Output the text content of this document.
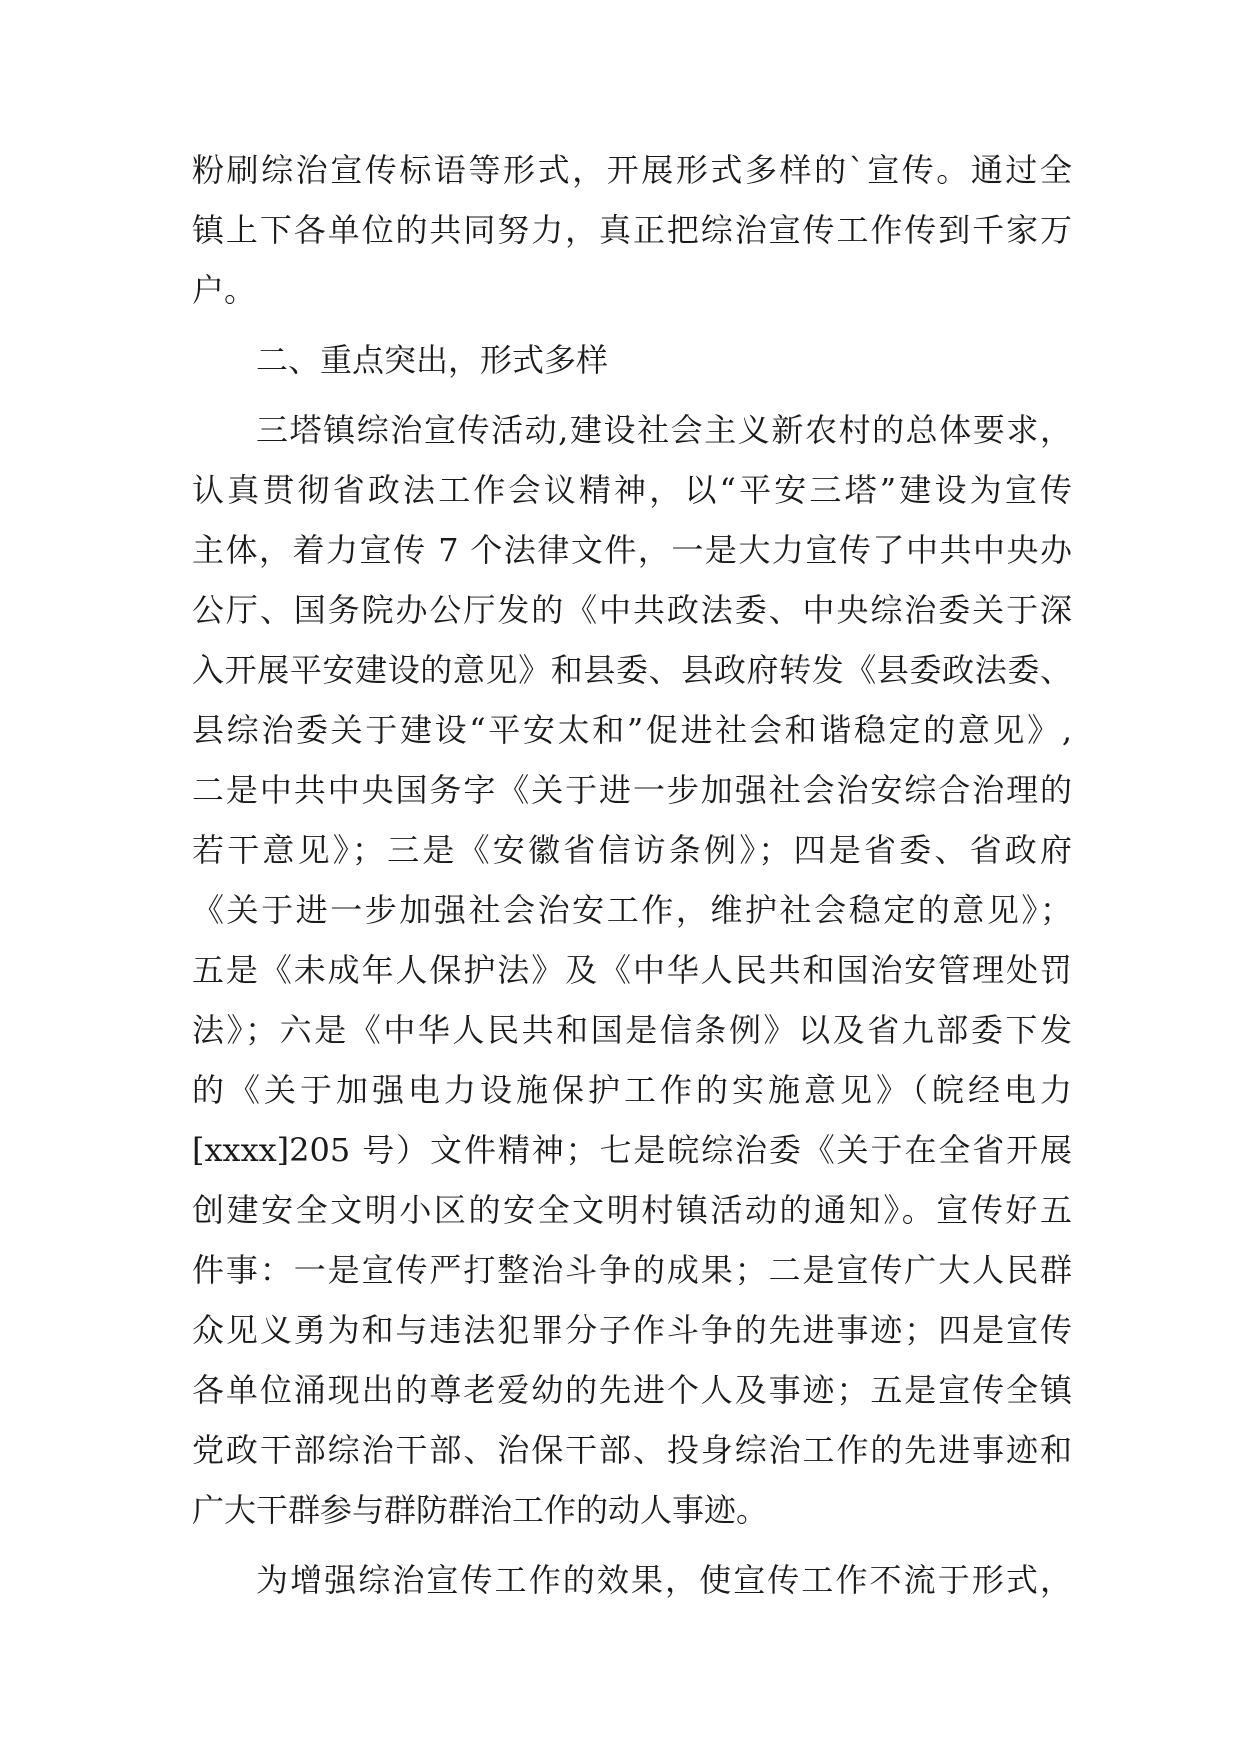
粉刷综治宣传标语等形式，开展形式多样的`宣传。通过全
镇上下各单位的共同努力，真正把综治宣传工作传到千家万
户。
二、重点突出，形式多样
三塔镇综治宣传活动,建设社会主义新农村的总体要求，
认真贯彻省政法工作会议精神，以“平安三塔”建设为宣传
主体，着力宣传 7 个法律文件，一是大力宣传了中共中央办
公厅、国务院办公厅发的《中共政法委、中央综治委关于深
入开展平安建设的意见》和县委、县政府转发《县委政法委、
县综治委关于建设“平安太和”促进社会和谐稳定的意见》,
二是中共中央国务字《关于进一步加强社会治安综合治理的
若干意见》；三是《安徽省信访条例》；四是省委、省政府
《关于进一步加强社会治安工作，维护社会稳定的意见》；
五是《未成年人保护法》及《中华人民共和国治安管理处罚
法》；六是《中华人民共和国是信条例》以及省九部委下发
的《关于加强电力设施保护工作的实施意见》（皖经电力
[xxxx]205 号）文件精神；七是皖综治委《关于在全省开展
创建安全文明小区的安全文明村镇活动的通知》。宣传好五
件事：一是宣传严打整治斗争的成果；二是宣传广大人民群
众见义勇为和与违法犯罪分子作斗争的先进事迹；四是宣传
各单位涌现出的尊老爱幼的先进个人及事迹；五是宣传全镇
党政干部综治干部、治保干部、投身综治工作的先进事迹和
广大干群参与群防群治工作的动人事迹。
为增强综治宣传工作的效果，使宣传工作不流于形式，
